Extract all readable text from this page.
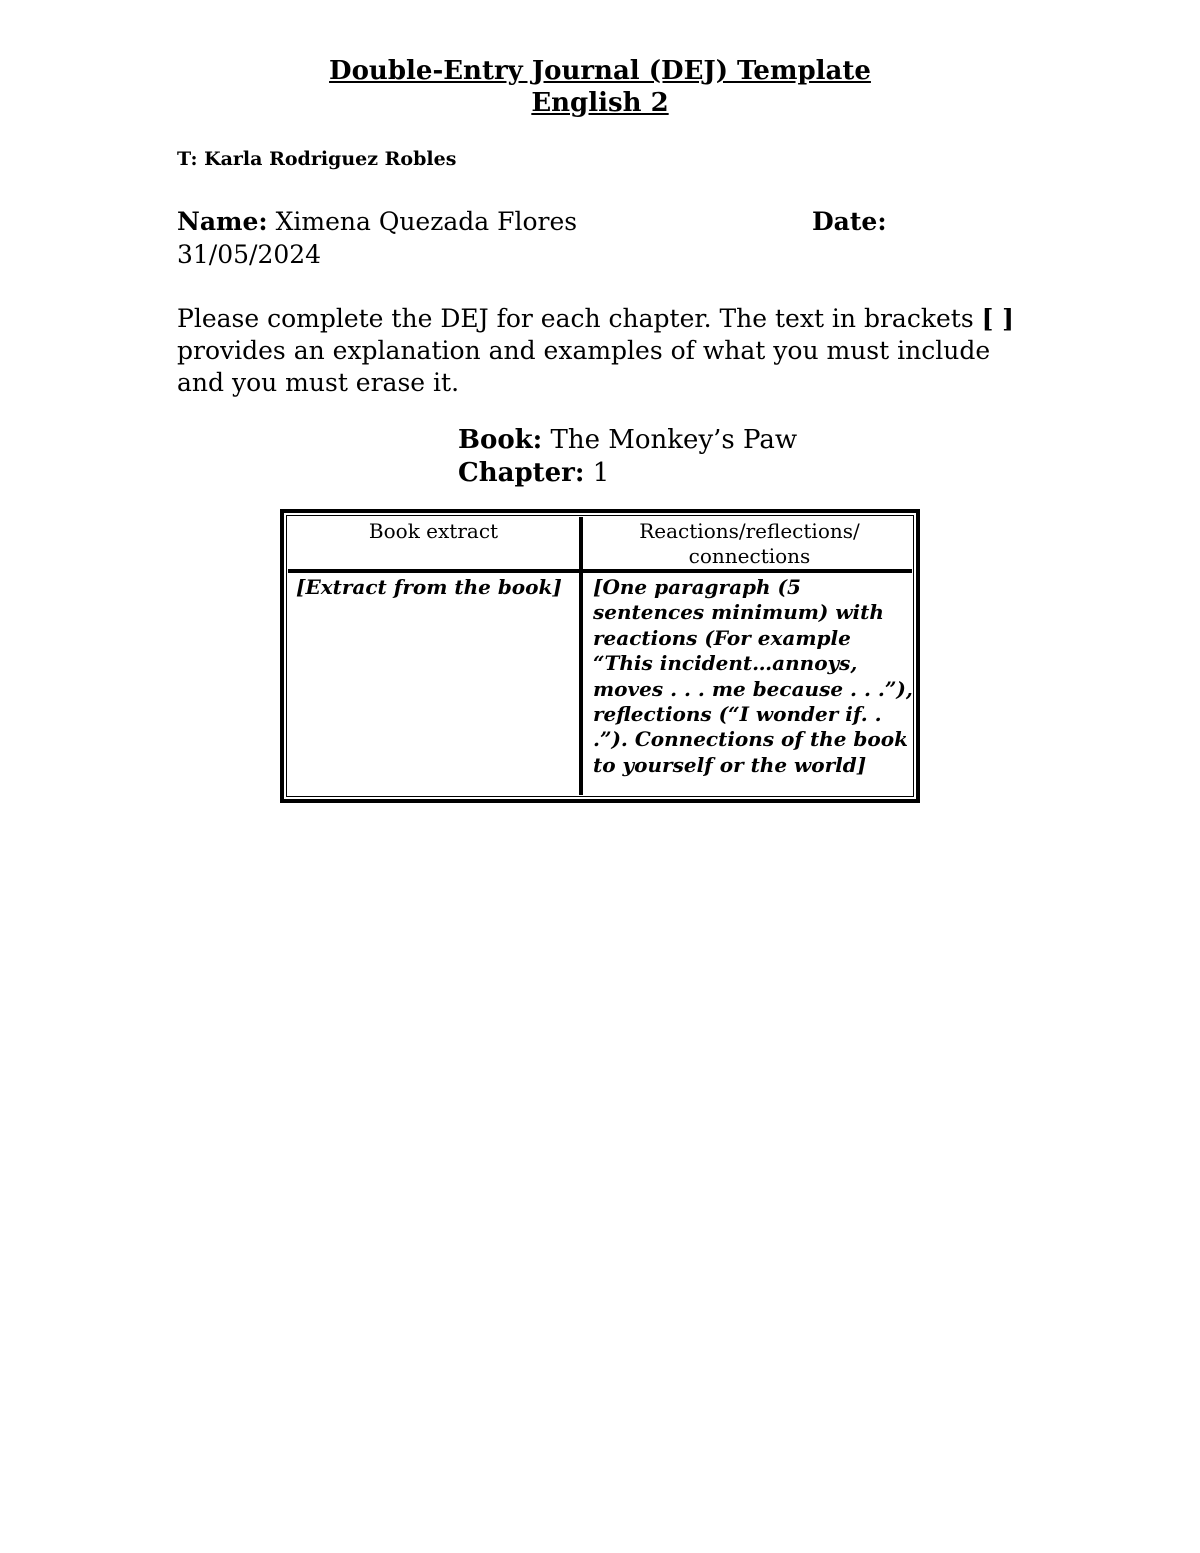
Double-Entry Journal (DEJ) Template
English 2
T: Karla Rodriguez Robles
Name: Ximena Quezada Flores	Date:
31/05/2024
Please complete the DEJ for each chapter. The text in brackets [ ] provides an explanation and examples of what you must include and you must erase it.
Book: The Monkey’s Paw
Chapter: 1
Book extract	Reactions/reflections/ connections
[Extract from the book]	[One paragraph (5 sentences minimum) with reactions (For example “This incident…annoys, moves . . . me because . . .”), reflections (“I wonder if. . .”). Connections of the book to yourself or the world]
